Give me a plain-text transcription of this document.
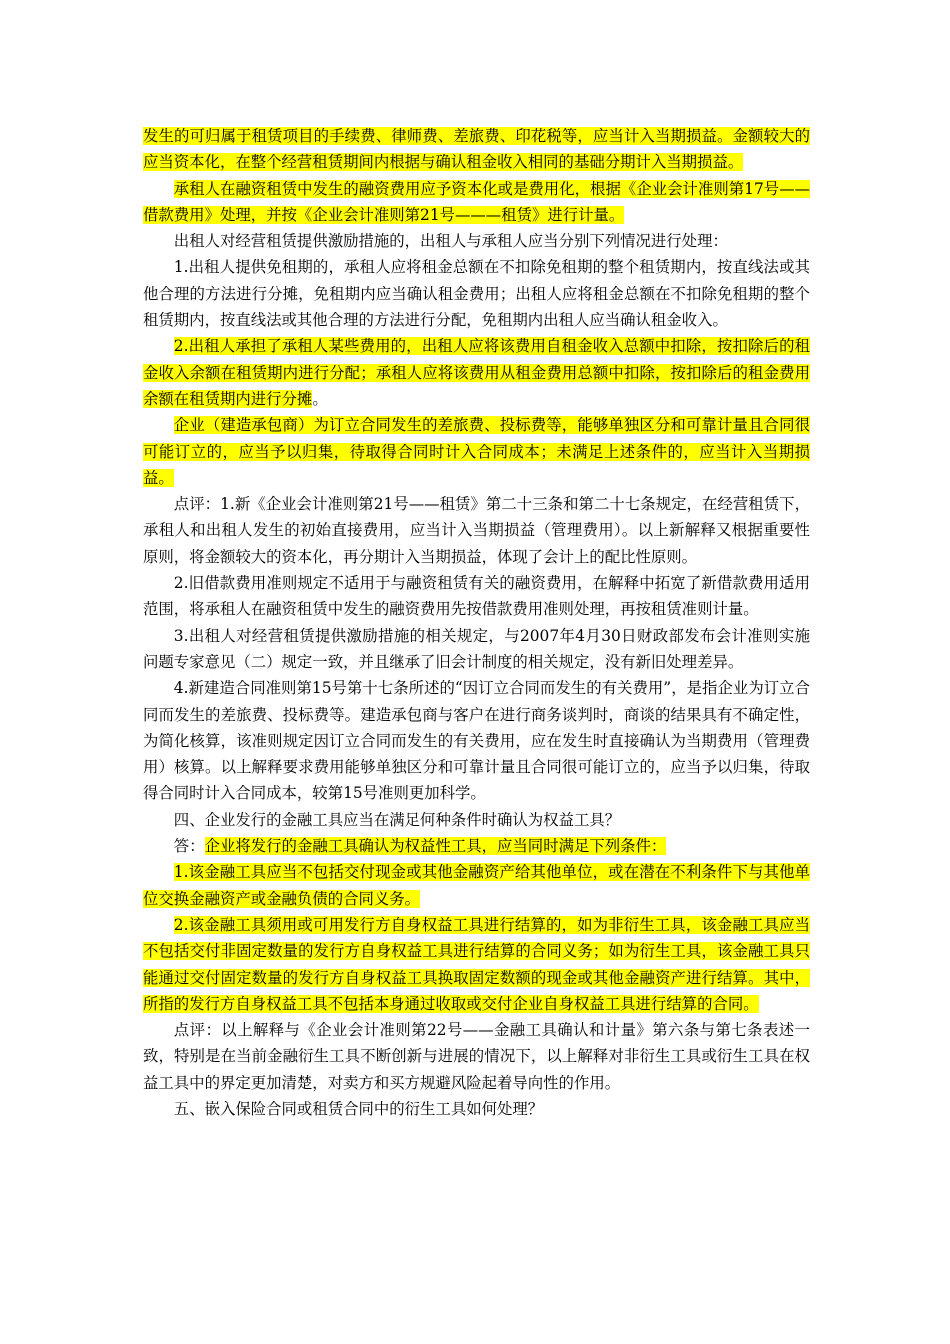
发生的可归属于租赁项目的手续费、律师费、差旅费、印花税等，应当计入当期损益。金额较大的应当资本化，在整个经营租赁期间内根据与确认租金收入相同的基础分期计入当期损益。

承租人在融资租赁中发生的融资费用应予资本化或是费用化，根据《企业会计准则第17号——借款费用》处理，并按《企业会计准则第21号———租赁》进行计量。

出租人对经营租赁提供激励措施的，出租人与承租人应当分别下列情况进行处理：

1.出租人提供免租期的，承租人应将租金总额在不扣除免租期的整个租赁期内，按直线法或其他合理的方法进行分摊，免租期内应当确认租金费用；出租人应将租金总额在不扣除免租期的整个租赁期内，按直线法或其他合理的方法进行分配，免租期内出租人应当确认租金收入。

2.出租人承担了承租人某些费用的，出租人应将该费用自租金收入总额中扣除，按扣除后的租金收入余额在租赁期内进行分配；承租人应将该费用从租金费用总额中扣除，按扣除后的租金费用余额在租赁期内进行分摊。

企业（建造承包商）为订立合同发生的差旅费、投标费等，能够单独区分和可靠计量且合同很可能订立的，应当予以归集，待取得合同时计入合同成本；未满足上述条件的，应当计入当期损益。

点评：1.新《企业会计准则第21号——租赁》第二十三条和第二十七条规定，在经营租赁下，承租人和出租人发生的初始直接费用，应当计入当期损益（管理费用）。以上新解释又根据重要性原则，将金额较大的资本化，再分期计入当期损益，体现了会计上的配比性原则。

2.旧借款费用准则规定不适用于与融资租赁有关的融资费用，在解释中拓宽了新借款费用适用范围，将承租人在融资租赁中发生的融资费用先按借款费用准则处理，再按租赁准则计量。

3.出租人对经营租赁提供激励措施的相关规定，与2007年4月30日财政部发布会计准则实施问题专家意见（二）规定一致，并且继承了旧会计制度的相关规定，没有新旧处理差异。

4.新建造合同准则第15号第十七条所述的“因订立合同而发生的有关费用”，是指企业为订立合同而发生的差旅费、投标费等。建造承包商与客户在进行商务谈判时，商谈的结果具有不确定性，为简化核算，该准则规定因订立合同而发生的有关费用，应在发生时直接确认为当期费用（管理费用）核算。以上解释要求费用能够单独区分和可靠计量且合同很可能订立的，应当予以归集，待取得合同时计入合同成本，较第15号准则更加科学。

四、企业发行的金融工具应当在满足何种条件时确认为权益工具？

答：企业将发行的金融工具确认为权益性工具，应当同时满足下列条件：

1.该金融工具应当不包括交付现金或其他金融资产给其他单位，或在潜在不利条件下与其他单位交换金融资产或金融负债的合同义务。

2.该金融工具须用或可用发行方自身权益工具进行结算的，如为非衍生工具，该金融工具应当不包括交付非固定数量的发行方自身权益工具进行结算的合同义务；如为衍生工具，该金融工具只能通过交付固定数量的发行方自身权益工具换取固定数额的现金或其他金融资产进行结算。其中，所指的发行方自身权益工具不包括本身通过收取或交付企业自身权益工具进行结算的合同。

点评：以上解释与《企业会计准则第22号——金融工具确认和计量》第六条与第七条表述一致，特别是在当前金融衍生工具不断创新与进展的情况下，以上解释对非衍生工具或衍生工具在权益工具中的界定更加清楚，对卖方和买方规避风险起着导向性的作用。

五、嵌入保险合同或租赁合同中的衍生工具如何处理？
